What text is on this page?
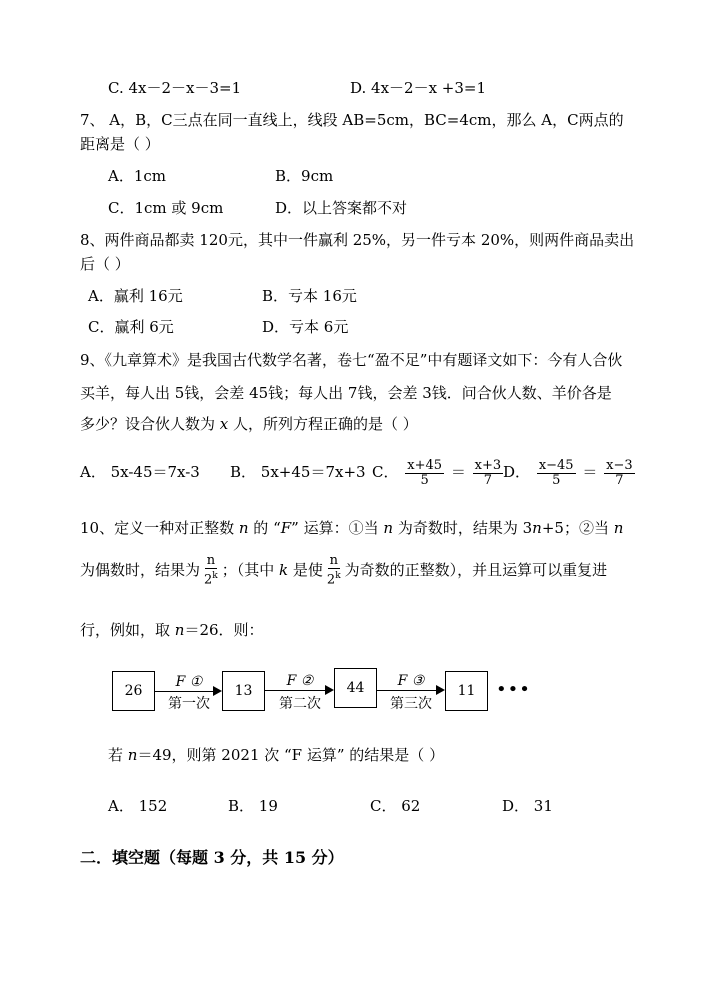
C. 4x－2－x－3=1	D. 4x－2－x +3=1
7、 A，B，C三点在同一直线上，线段 AB=5cm，BC=4cm，那么 A，C两点的
距离是（ ）
A．1cm	B．9cm
C．1cm 或 9cm	D．以上答案都不对
8、两件商品都卖 120元，其中一件赢利 25%，另一件亏本 20%，则两件商品卖出
后（ ）
A．赢利 16元	B．亏本 16元
C．赢利 6元	D．亏本 6元
9、《九章算术》是我国古代数学名著，卷七“盈不足”中有题译文如下：今有人合伙
买羊，每人出 5钱，会差 45钱；每人出 7钱，会差 3钱．问合伙人数、羊价各是
多少？设合伙人数为 x 人，所列方程正确的是（ ）
A． 5x-45＝7x-3 B． 5x+45＝7x+3 C． $\frac{x+45}{5} = \frac{x+3}{7}$ D． $\frac{x-45}{5} = \frac{x-3}{7}$
10、定义一种对正整数 n 的 “F” 运算：①当 n 为奇数时，结果为 3n+5；②当 n
为偶数时，结果为 $\frac{n}{2^k}$ ；（其中 k 是使 $\frac{n}{2^k}$ 为奇数的正整数），并且运算可以重复进
行，例如，取 n＝26．则：
26	13	44	11
F ①
第一次
F ②
第二次
F ③
第三次
•••
若 n＝49，则第 2021 次 “F 运算” 的结果是（ ）
A． 152	B． 19	C． 62	D． 31
二．填空题（每题 3 分，共 15 分）
